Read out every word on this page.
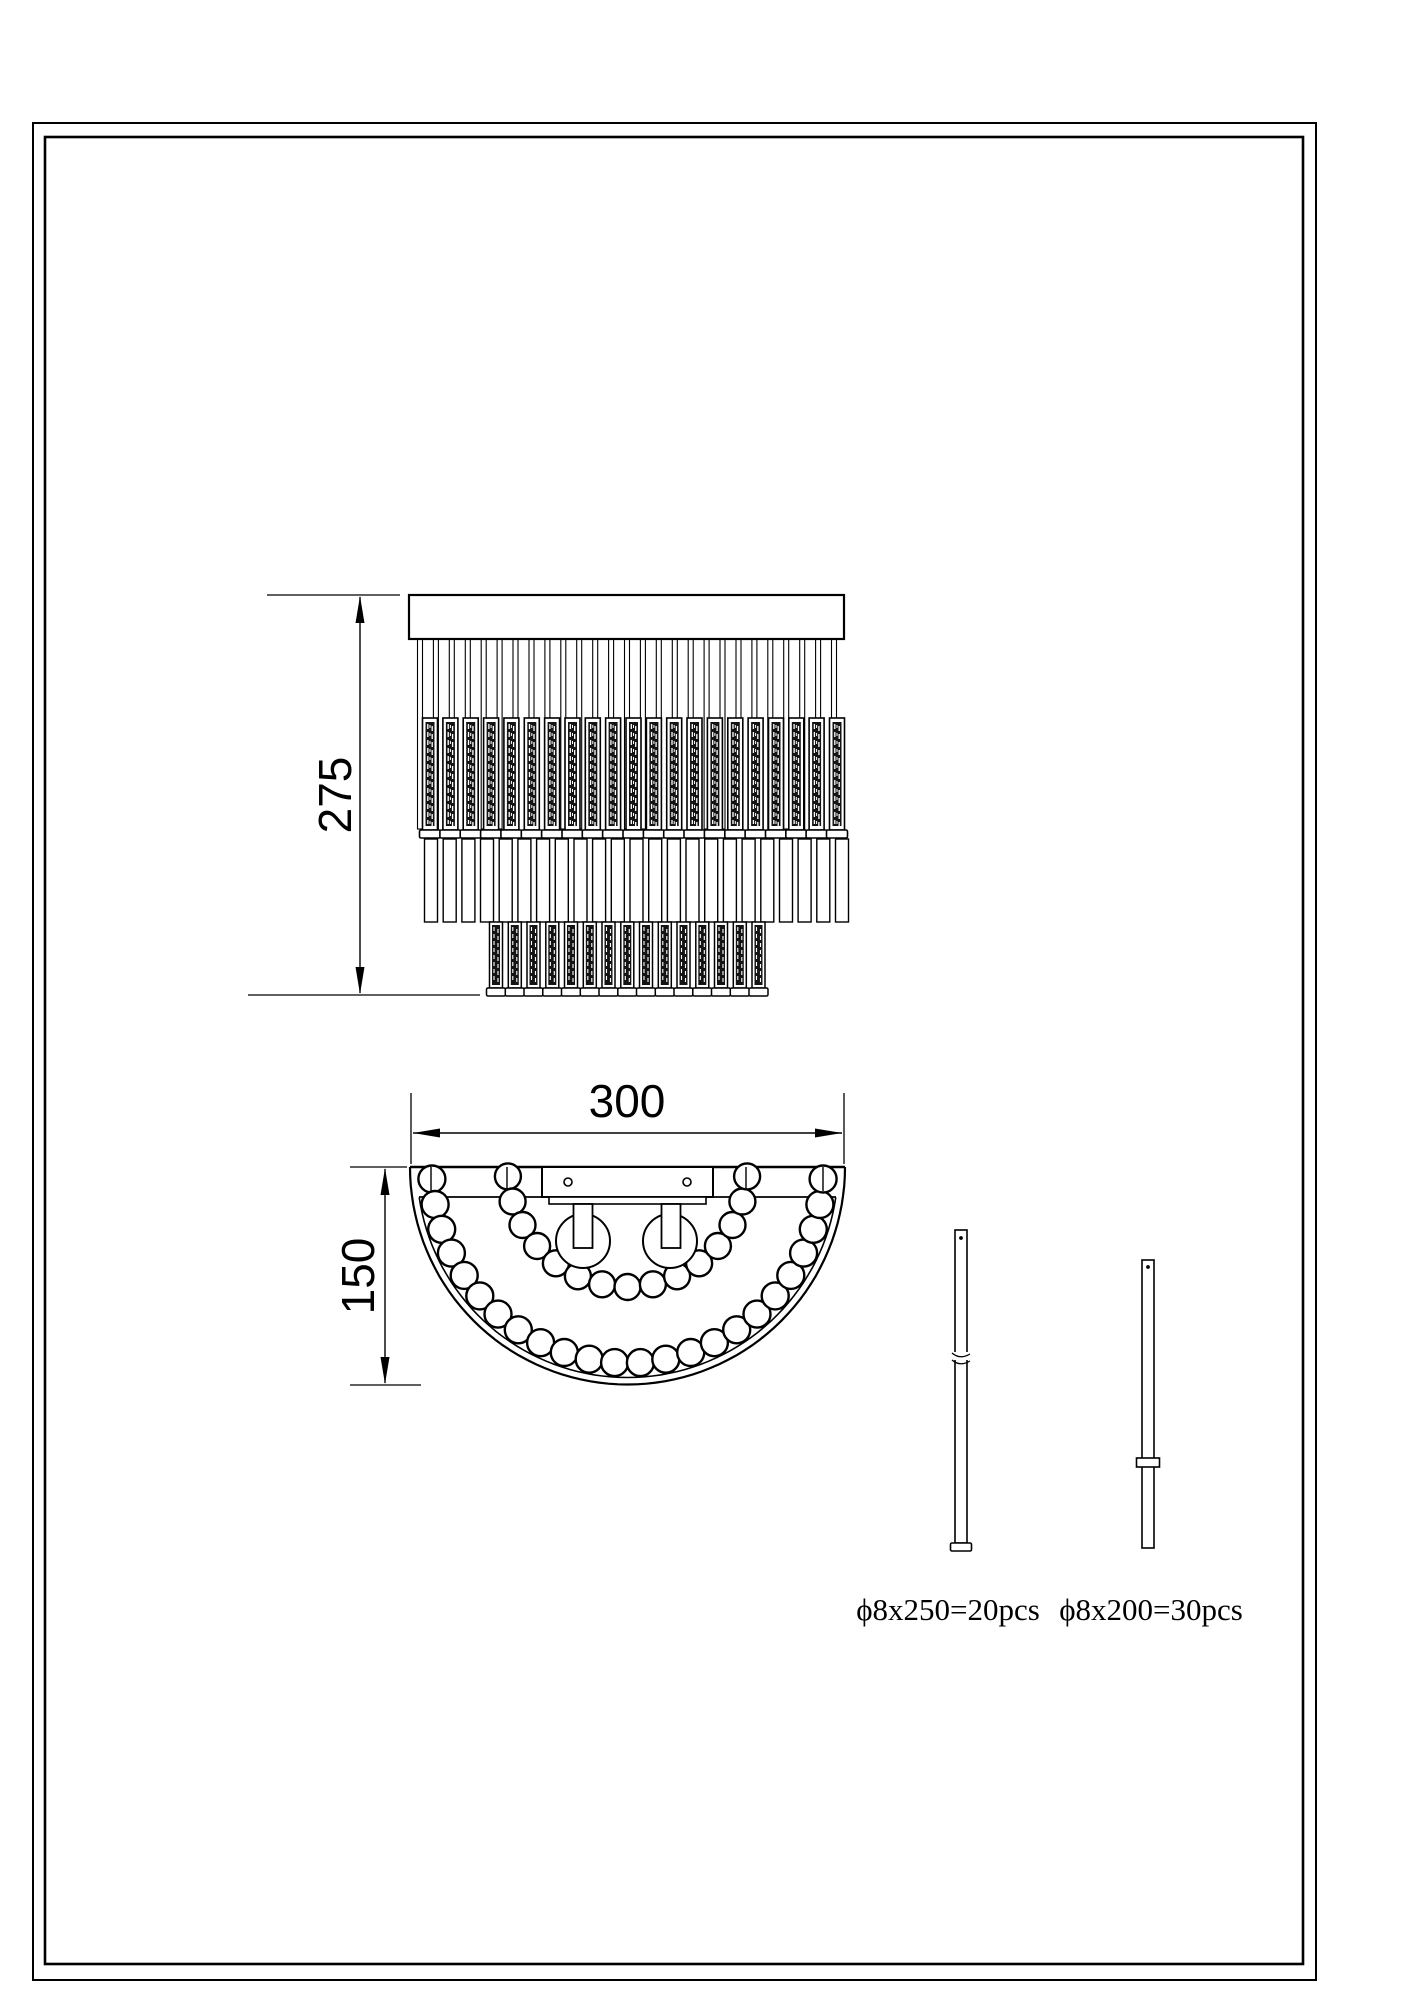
275
300
150
ϕ8x250=20pcs ϕ8x200=30pcs
